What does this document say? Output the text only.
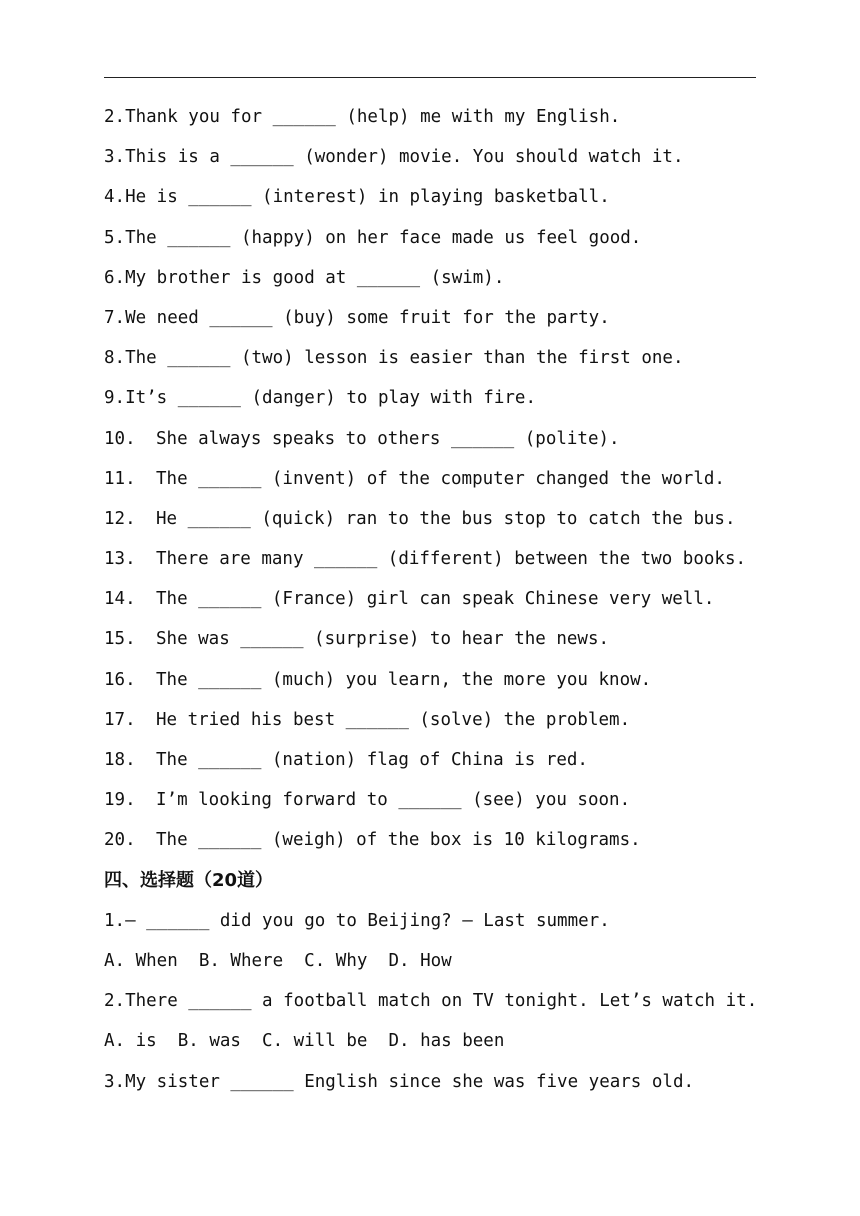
2.Thank you for ______ (help) me with my English.
3.This is a ______ (wonder) movie. You should watch it.
4.He is ______ (interest) in playing basketball.
5.The ______ (happy) on her face made us feel good.
6.My brother is good at ______ (swim).
7.We need ______ (buy) some fruit for the party.
8.The ______ (two) lesson is easier than the first one.
9.It’s ______ (danger) to play with fire.
10. She always speaks to others ______ (polite).
11. The ______ (invent) of the computer changed the world.
12. He ______ (quick) ran to the bus stop to catch the bus.
13. There are many ______ (different) between the two books.
14. The ______ (France) girl can speak Chinese very well.
15. She was ______ (surprise) to hear the news.
16. The ______ (much) you learn, the more you know.
17. He tried his best ______ (solve) the problem.
18. The ______ (nation) flag of China is red.
19. I’m looking forward to ______ (see) you soon.
20. The ______ (weigh) of the box is 10 kilograms.
四、选择题（20道）
1.— ______ did you go to Beijing? — Last summer.
A. When  B. Where  C. Why  D. How
2.There ______ a football match on TV tonight. Let’s watch it.
A. is  B. was  C. will be  D. has been
3.My sister ______ English since she was five years old.
